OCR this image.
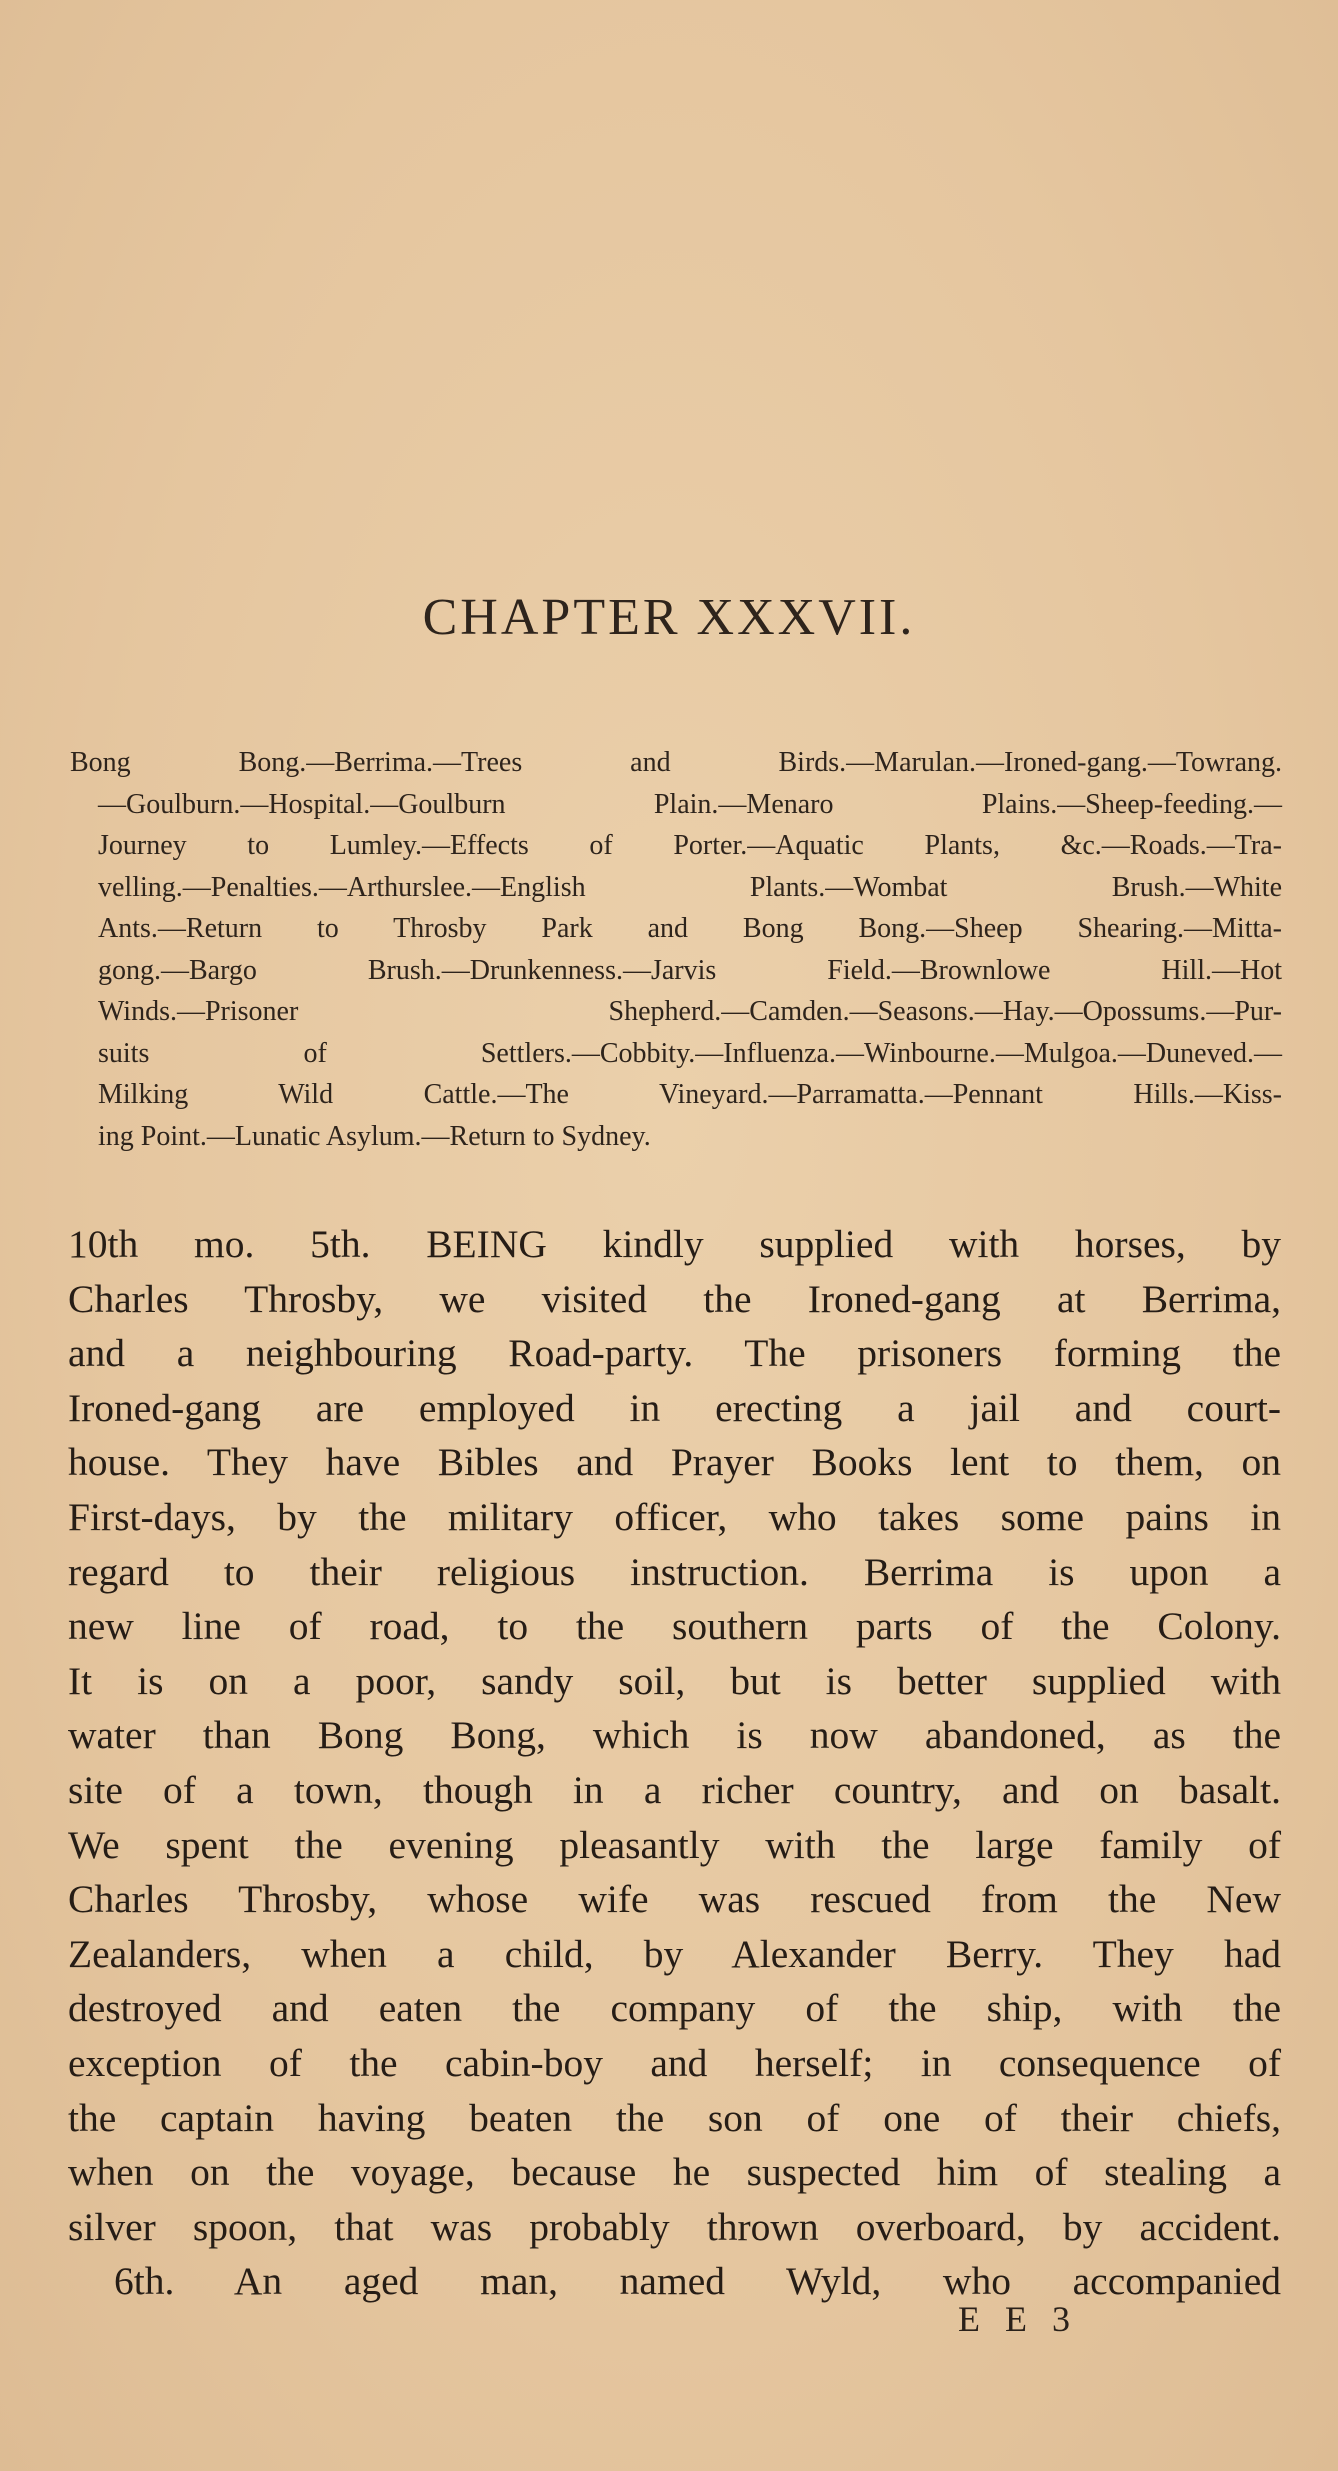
CHAPTER XXXVII.
Bong Bong.—Berrima.—Trees and Birds.—Marulan.—Ironed-gang.—Towrang.
—Goulburn.—Hospital.—Goulburn Plain.—Menaro Plains.—Sheep-feeding.—
Journey to Lumley.—Effects of Porter.—Aquatic Plants, &c.—Roads.—Tra-
velling.—Penalties.—Arthurslee.—English Plants.—Wombat Brush.—White
Ants.—Return to Throsby Park and Bong Bong.—Sheep Shearing.—Mitta-
gong.—Bargo Brush.—Drunkenness.—Jarvis Field.—Brownlowe Hill.—Hot
Winds.—Prisoner Shepherd.—Camden.—Seasons.—Hay.—Opossums.—Pur-
suits of Settlers.—Cobbity.—Influenza.—Winbourne.—Mulgoa.—Duneved.—
Milking Wild Cattle.—The Vineyard.—Parramatta.—Pennant Hills.—Kiss-
ing Point.—Lunatic Asylum.—Return to Sydney.
10th mo. 5th. BEING kindly supplied with horses, by
Charles Throsby, we visited the Ironed-gang at Berrima,
and a neighbouring Road-party. The prisoners forming the
Ironed-gang are employed in erecting a jail and court-
house. They have Bibles and Prayer Books lent to them, on
First-days, by the military officer, who takes some pains in
regard to their religious instruction. Berrima is upon a
new line of road, to the southern parts of the Colony.
It is on a poor, sandy soil, but is better supplied with
water than Bong Bong, which is now abandoned, as the
site of a town, though in a richer country, and on basalt.
We spent the evening pleasantly with the large family of
Charles Throsby, whose wife was rescued from the New
Zealanders, when a child, by Alexander Berry. They had
destroyed and eaten the company of the ship, with the
exception of the cabin-boy and herself; in consequence of
the captain having beaten the son of one of their chiefs,
when on the voyage, because he suspected him of stealing a
silver spoon, that was probably thrown overboard, by accident.
6th. An aged man, named Wyld, who accompanied
E E 3
